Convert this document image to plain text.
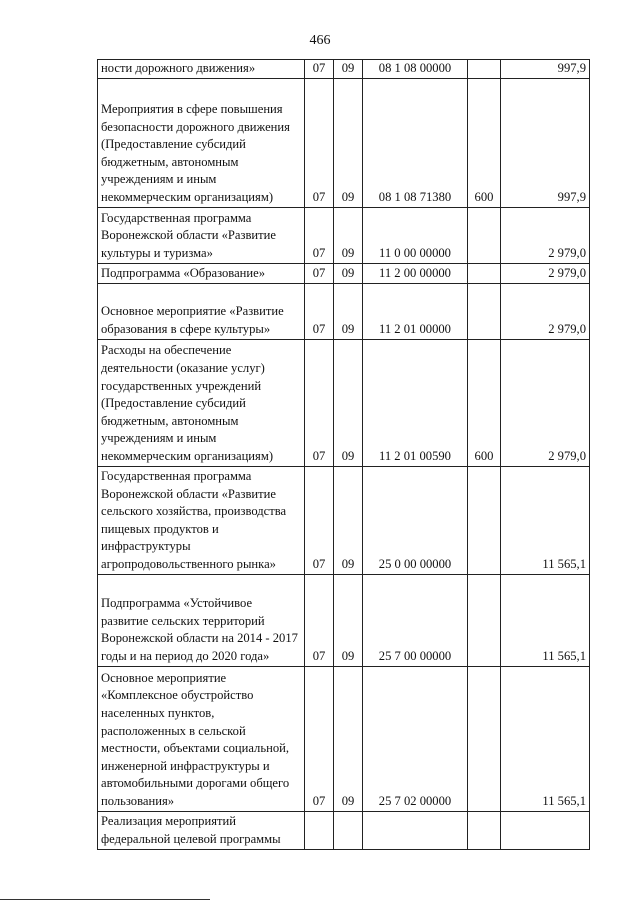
466
ности дорожного движения»	07	09	08 1 08 00000		997,9

Мероприятия в сфере повышения безопасности дорожного движения (Предоставление субсидий бюджетным, автономным учреждениям и иным некоммерческим организациям)	07	09	08 1 08 71380	600	997,9

Государственная программа Воронежской области «Развитие культуры и туризма»	07	09	11 0 00 00000		2 979,0

Подпрограмма «Образование»	07	09	11 2 00 00000		2 979,0

Основное мероприятие «Развитие образования в сфере культуры»	07	09	11 2 01 00000		2 979,0

Расходы на обеспечение деятельности (оказание услуг) государственных учреждений (Предоставление субсидий бюджетным, автономным учреждениям и иным некоммерческим организациям)	07	09	11 2 01 00590	600	2 979,0

Государственная программа Воронежской области «Развитие сельского хозяйства, производства пищевых продуктов и инфраструктуры агропродовольственного рынка»	07	09	25 0 00 00000		11 565,1

Подпрограмма «Устойчивое развитие сельских территорий Воронежской области на 2014 - 2017 годы и на период до 2020 года»	07	09	25 7 00 00000		11 565,1

Основное мероприятие «Комплексное обустройство населенных пунктов, расположенных в сельской местности, объектами социальной, инженерной инфраструктуры и автомобильными дорогами общего пользования»	07	09	25 7 02 00000		11 565,1

Реализация мероприятий федеральной целевой программы					
